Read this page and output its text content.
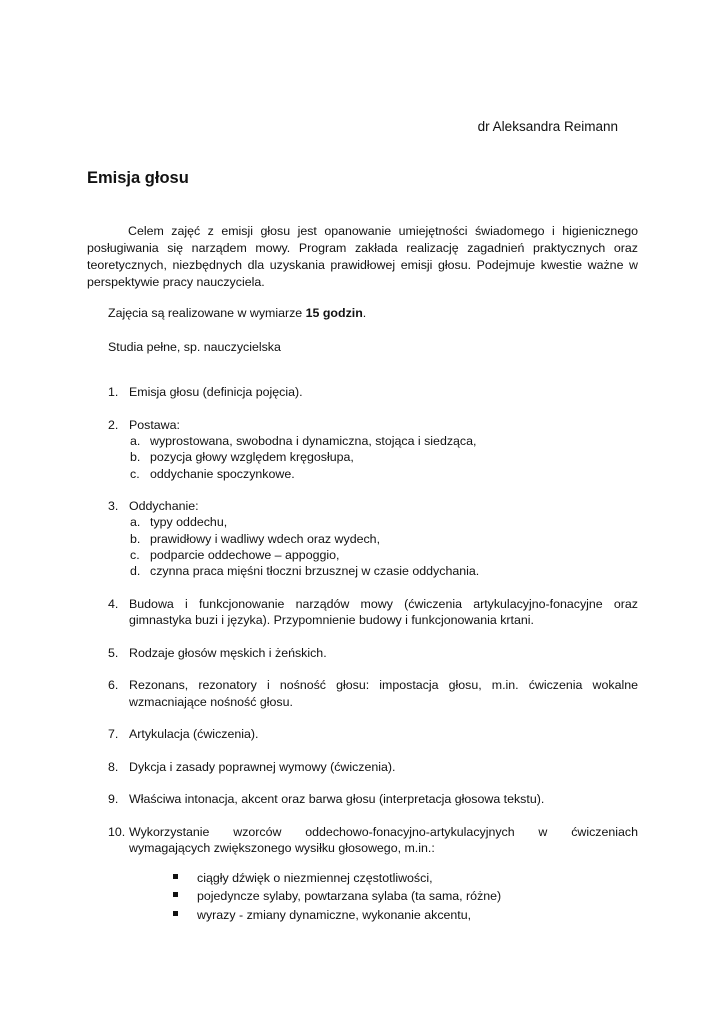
dr Aleksandra Reimann
Emisja głosu

Celem zajęć z emisji głosu jest opanowanie umiejętności świadomego i higienicznego posługiwania się narządem mowy. Program zakłada realizację zagadnień praktycznych oraz teoretycznych, niezbędnych dla uzyskania prawidłowej emisji głosu. Podejmuje kwestie ważne w perspektywie pracy nauczyciela.

Zajęcia są realizowane w wymiarze 15 godzin.

Studia pełne, sp. nauczycielska

1. Emisja głosu (definicja pojęcia).
2. Postawa:
a. wyprostowana, swobodna i dynamiczna, stojąca i siedząca,
b. pozycja głowy względem kręgosłupa,
c. oddychanie spoczynkowe.
3. Oddychanie:
a. typy oddechu,
b. prawidłowy i wadliwy wdech oraz wydech,
c. podparcie oddechowe – appoggio,
d. czynna praca mięśni tłoczni brzusznej w czasie oddychania.
4. Budowa i funkcjonowanie narządów mowy (ćwiczenia artykulacyjno-fonacyjne oraz gimnastyka buzi i języka). Przypomnienie budowy i funkcjonowania krtani.
5. Rodzaje głosów męskich i żeńskich.
6. Rezonans, rezonatory i nośność głosu: impostacja głosu, m.in. ćwiczenia wokalne wzmacniające nośność głosu.
7. Artykulacja (ćwiczenia).
8. Dykcja i zasady poprawnej wymowy (ćwiczenia).
9. Właściwa intonacja, akcent oraz barwa głosu (interpretacja głosowa tekstu).
10. Wykorzystanie wzorców oddechowo-fonacyjno-artykulacyjnych w ćwiczeniach wymagających zwiększonego wysiłku głosowego, m.in.:
ciągły dźwięk o niezmiennej częstotliwości,
pojedyncze sylaby, powtarzana sylaba (ta sama, różne)
wyrazy - zmiany dynamiczne, wykonanie akcentu,
